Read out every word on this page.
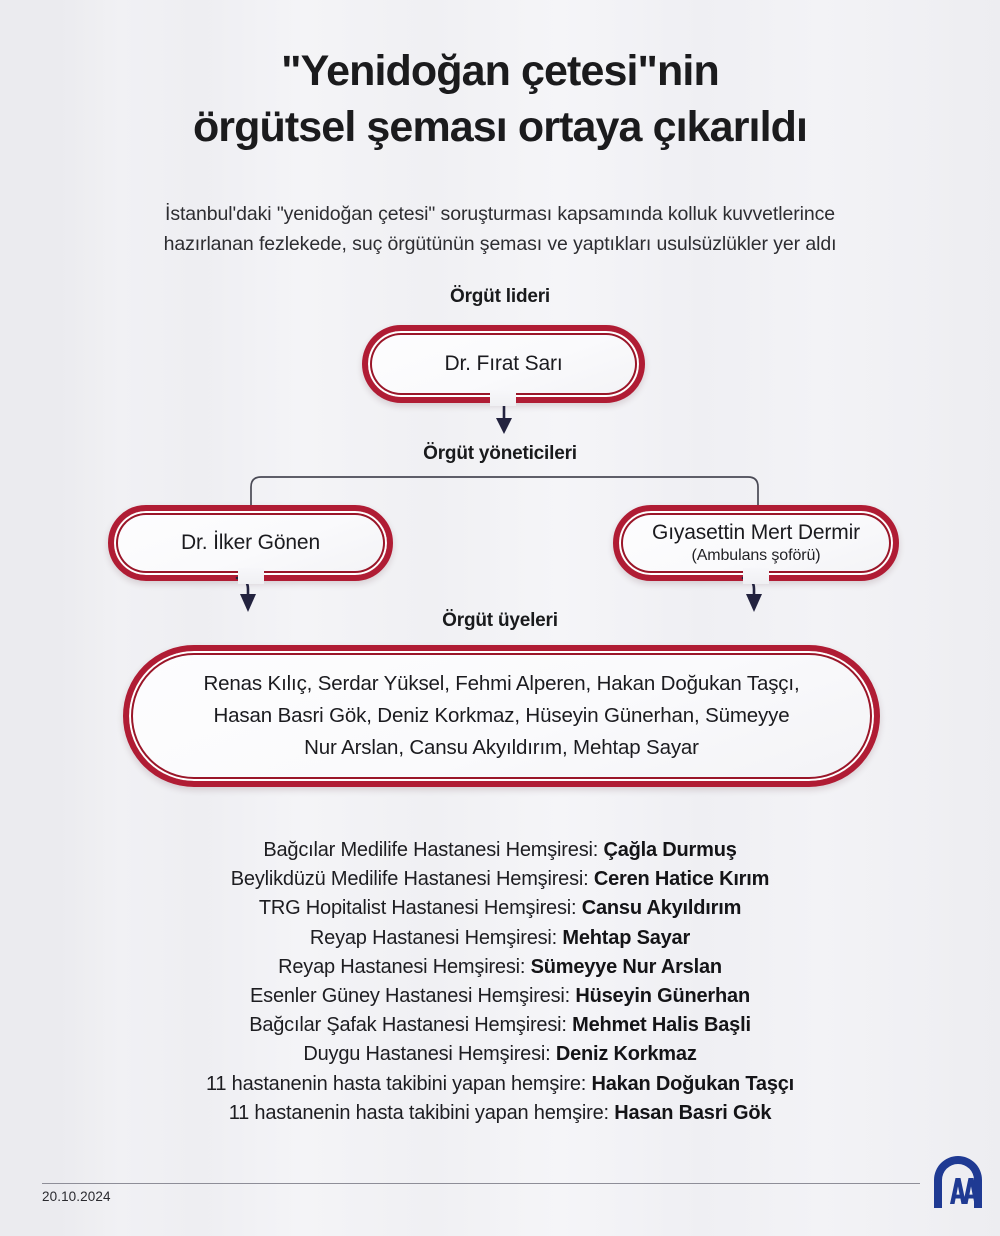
"Yenidoğan çetesi"nin
örgütsel şeması ortaya çıkarıldı
İstanbul'daki "yenidoğan çetesi" soruşturması kapsamında kolluk kuvvetlerince
hazırlanan fezlekede, suç örgütünün şeması ve yaptıkları usulsüzlükler yer aldı
Örgüt lideri
Dr. Fırat Sarı
Örgüt yöneticileri
Dr. İlker Gönen	Gıyasettin Mert Dermir
(Ambulans şoförü)
Örgüt üyeleri
Renas Kılıç, Serdar Yüksel, Fehmi Alperen, Hakan Doğukan Taşçı,
Hasan Basri Gök, Deniz Korkmaz, Hüseyin Günerhan, Sümeyye
Nur Arslan, Cansu Akyıldırım, Mehtap Sayar
Bağcılar Medilife Hastanesi Hemşiresi: Çağla Durmuş
Beylikdüzü Medilife Hastanesi Hemşiresi: Ceren Hatice Kırım
TRG Hopitalist Hastanesi Hemşiresi: Cansu Akyıldırım
Reyap Hastanesi Hemşiresi: Mehtap Sayar
Reyap Hastanesi Hemşiresi: Sümeyye Nur Arslan
Esenler Güney Hastanesi Hemşiresi: Hüseyin Günerhan
Bağcılar Şafak Hastanesi Hemşiresi: Mehmet Halis Başli
Duygu Hastanesi Hemşiresi: Deniz Korkmaz
11 hastanenin hasta takibini yapan hemşire: Hakan Doğukan Taşçı
11 hastanenin hasta takibini yapan hemşire: Hasan Basri Gök
20.10.2024
